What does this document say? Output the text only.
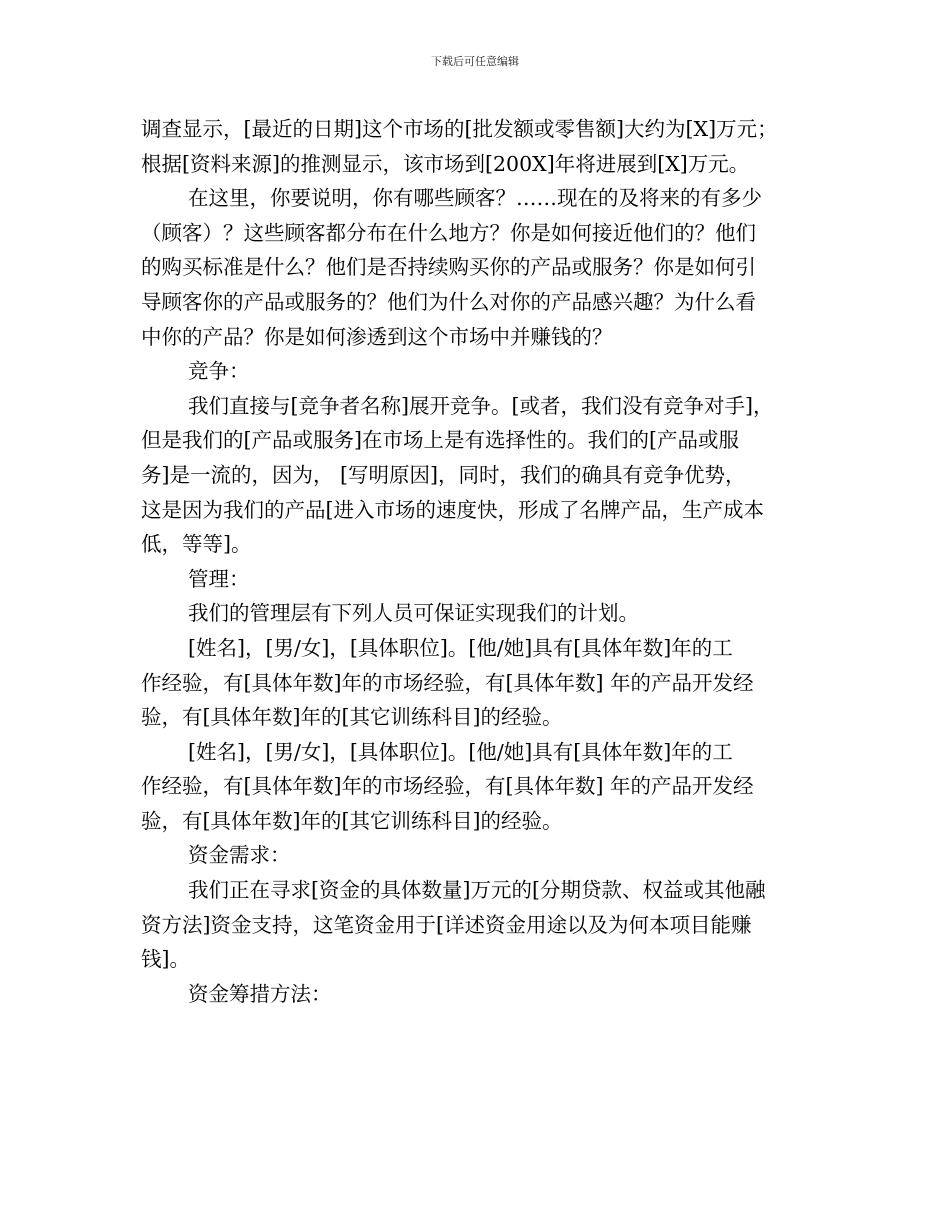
下载后可任意编辑
调查显示，[最近的日期]这个市场的[批发额或零售额]大约为[X]万元；
根据[资料来源]的推测显示，该市场到[200X]年将进展到[X]万元。
在这里，你要说明，你有哪些顾客？……现在的及将来的有多少
（顾客）？这些顾客都分布在什么地方？你是如何接近他们的？他们
的购买标准是什么？他们是否持续购买你的产品或服务？你是如何引
导顾客你的产品或服务的？他们为什么对你的产品感兴趣？为什么看
中你的产品？你是如何渗透到这个市场中并赚钱的？
竞争：
我们直接与[竞争者名称]展开竞争。[或者，我们没有竞争对手]，
但是我们的[产品或服务]在市场上是有选择性的。我们的[产品或服
务]是一流的，因为， [写明原因]，同时，我们的确具有竞争优势，
这是因为我们的产品[进入市场的速度快，形成了名牌产品，生产成本
低，等等]。
管理：
我们的管理层有下列人员可保证实现我们的计划。
[姓名]，[男/女]，[具体职位]。[他/她]具有[具体年数]年的工
作经验，有[具体年数]年的市场经验，有[具体年数] 年的产品开发经
验，有[具体年数]年的[其它训练科目]的经验。
[姓名]，[男/女]，[具体职位]。[他/她]具有[具体年数]年的工
作经验，有[具体年数]年的市场经验，有[具体年数] 年的产品开发经
验，有[具体年数]年的[其它训练科目]的经验。
资金需求：
我们正在寻求[资金的具体数量]万元的[分期贷款、权益或其他融
资方法]资金支持，这笔资金用于[详述资金用途以及为何本项目能赚
钱]。
资金筹措方法：
